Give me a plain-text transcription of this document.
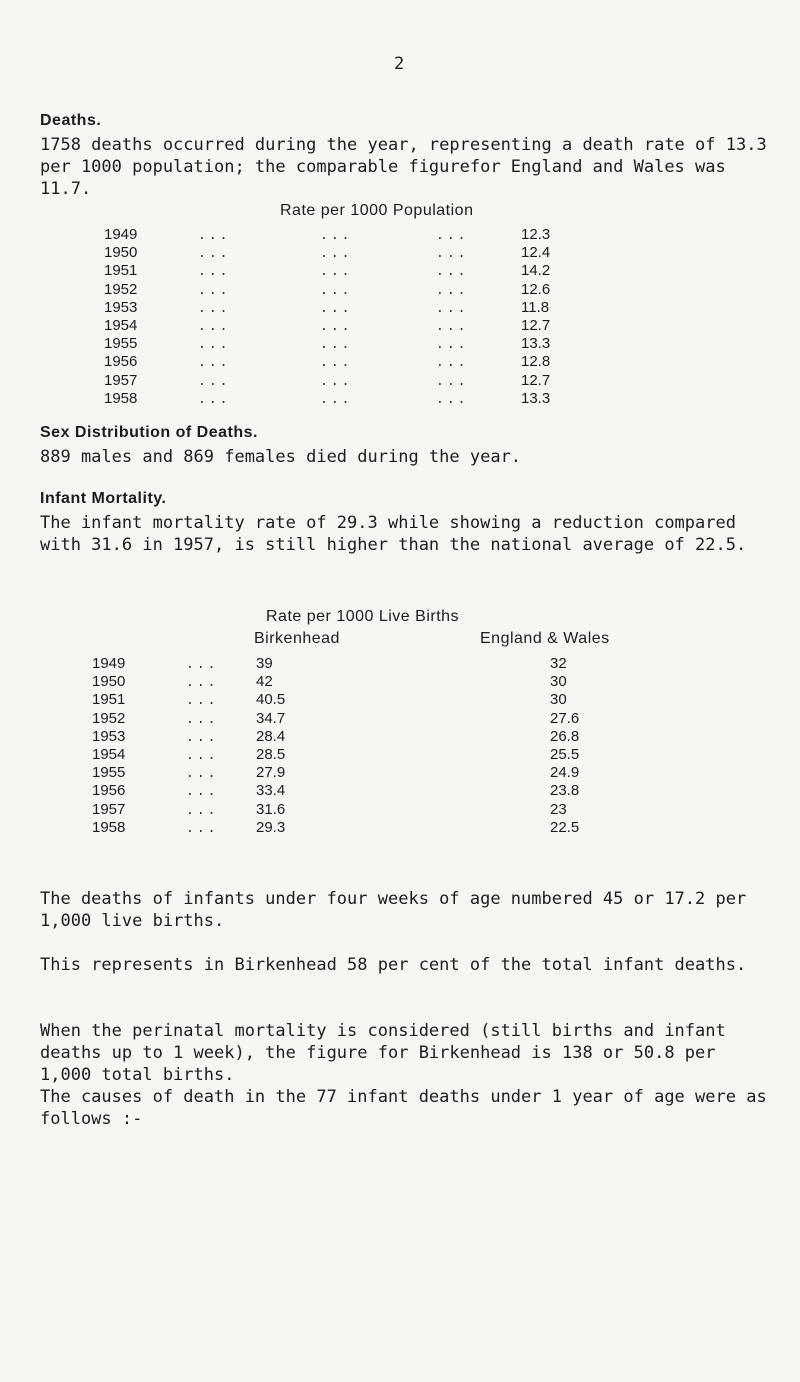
2
Deaths.
1758 deaths occurred during the year, representing a death rate of 13.3 per 1000 population; the comparable figurefor England and Wales was 11.7.
Rate per 1000 Population
1949	...	...	...	12.3
1950	...	...	...	12.4
1951	...	...	...	14.2
1952	...	...	...	12.6
1953	...	...	...	11.8
1954	...	...	...	12.7
1955	...	...	...	13.3
1956	...	...	...	12.8
1957	...	...	...	12.7
1958	...	...	...	13.3
Sex Distribution of Deaths.
889 males and 869 females died during the year.
Infant Mortality.
The infant mortality rate of 29.3 while showing a reduction compared with 31.6 in 1957, is still higher than the national average of 22.5.
Rate per 1000 Live Births
Birkenhead	England & Wales
1949	...	39	32
1950	...	42	30
1951	...	40.5	30
1952	...	34.7	27.6
1953	...	28.4	26.8
1954	...	28.5	25.5
1955	...	27.9	24.9
1956	...	33.4	23.8
1957	...	31.6	23
1958	...	29.3	22.5
The deaths of infants under four weeks of age numbered 45 or 17.2 per 1,000 live births.
This represents in Birkenhead 58 per cent of the total infant deaths.
When the perinatal mortality is considered (still births and infant deaths up to 1 week), the figure for Birkenhead is 138 or 50.8 per 1,000 total births.
The causes of death in the 77 infant deaths under 1 year of age were as follows :-
